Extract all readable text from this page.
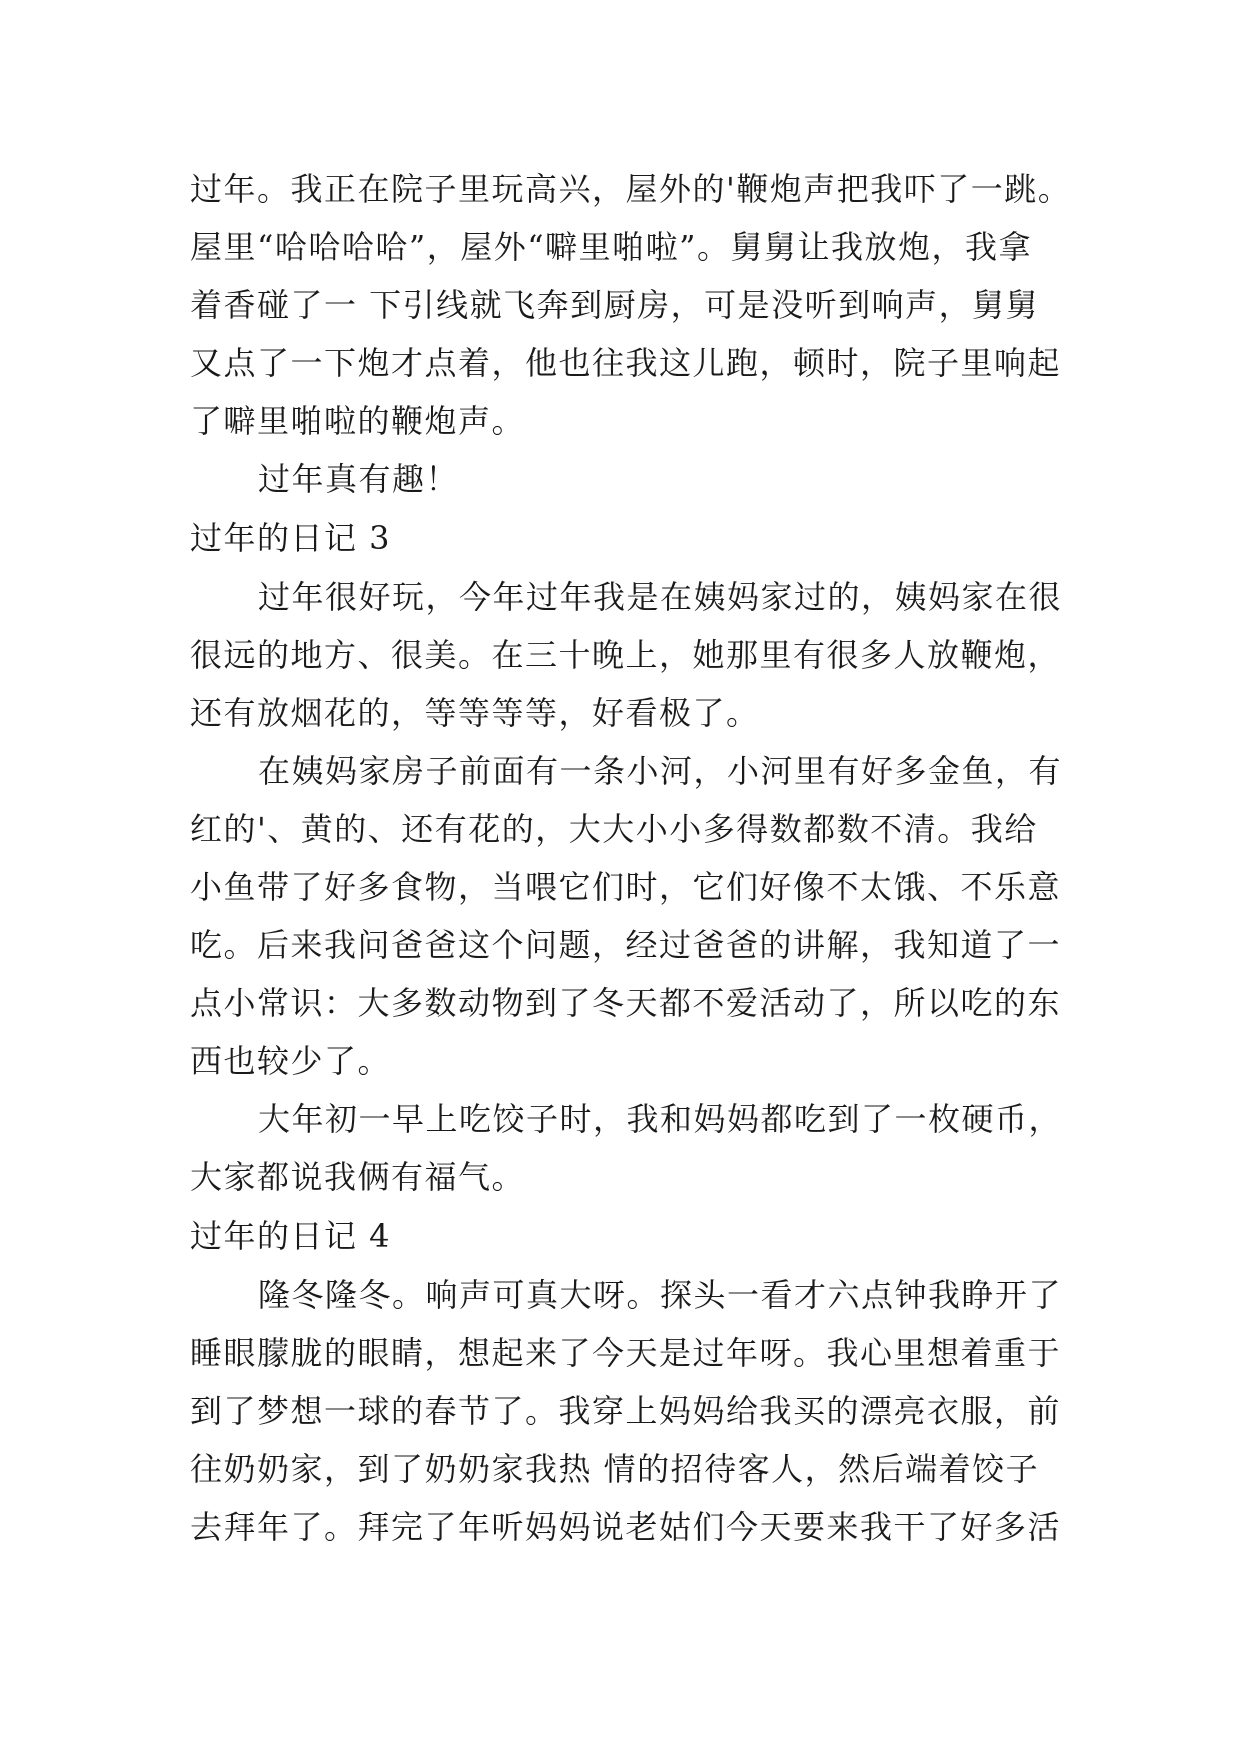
过年。我正在院子里玩高兴，屋外的'鞭炮声把我吓了一跳。
屋里“哈哈哈哈”，屋外“噼里啪啦”。舅舅让我放炮，我拿
着香碰了一 下引线就飞奔到厨房，可是没听到响声，舅舅
又点了一下炮才点着，他也往我这儿跑，顿时，院子里响起
了噼里啪啦的鞭炮声。
过年真有趣！
过年的日记 3
过年很好玩，今年过年我是在姨妈家过的，姨妈家在很
很远的地方、很美。在三十晚上，她那里有很多人放鞭炮，
还有放烟花的，等等等等，好看极了。
在姨妈家房子前面有一条小河，小河里有好多金鱼，有
红的'、黄的、还有花的，大大小小多得数都数不清。我给
小鱼带了好多食物，当喂它们时，它们好像不太饿、不乐意
吃。后来我问爸爸这个问题，经过爸爸的讲解，我知道了一
点小常识：大多数动物到了冬天都不爱活动了，所以吃的东
西也较少了。
大年初一早上吃饺子时，我和妈妈都吃到了一枚硬币，
大家都说我俩有福气。
过年的日记 4
隆冬隆冬。响声可真大呀。探头一看才六点钟我睁开了
睡眼朦胧的眼睛，想起来了今天是过年呀。我心里想着重于
到了梦想一球的春节了。我穿上妈妈给我买的漂亮衣服，前
往奶奶家，到了奶奶家我热 情的招待客人，然后端着饺子
去拜年了。拜完了年听妈妈说老姑们今天要来我干了好多活
